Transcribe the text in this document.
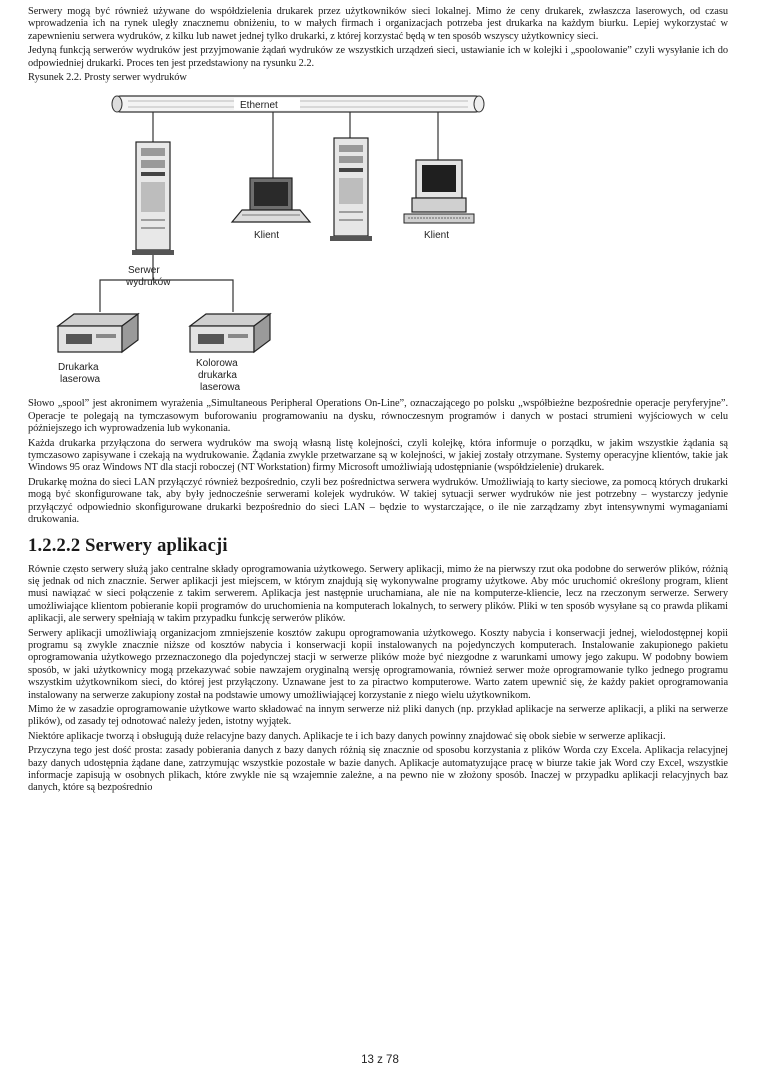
Serwery mogą być również używane do współdzielenia drukarek przez użytkowników sieci lokalnej. Mimo że ceny drukarek, zwłaszcza laserowych, od czasu wprowadzenia ich na rynek uległy znacznemu obniżeniu, to w małych firmach i organizacjach potrzeba jest drukarka na każdym biurku. Lepiej wykorzystać w zapewnieniu serwera wydruków, z kilku lub nawet jednej tylko drukarki, z której korzystać będą w ten sposób wszyscy użytkownicy sieci.

Jedyną funkcją serwerów wydruków jest przyjmowanie żądań wydruków ze wszystkich urządzeń sieci, ustawianie ich w kolejki i „spoolowanie” czyli wysyłanie ich do odpowiedniej drukarki. Proces ten jest przedstawiony na rysunku 2.2.

Rysunek 2.2. Prosty serwer wydruków

Ethernet
Serwer
wydruków
Klient	Klient
Drukarka
laserowa
Kolorowa
drukarka
laserowa

Słowo „spool” jest akronimem wyrażenia „Simultaneous Peripheral Operations On-Line”, oznaczającego po polsku „współbieżne bezpośrednie operacje peryferyjne”. Operacje te polegają na tymczasowym buforowaniu programowaniu na dysku, równoczesnym programów i danych w postaci strumieni wyjściowych w celu późniejszego ich wyprowadzenia lub wykonania.

Każda drukarka przyłączona do serwera wydruków ma swoją własną listę kolejności, czyli kolejkę, która informuje o porządku, w jakim wszystkie żądania są tymczasowo zapisywane i czekają na wydrukowanie. Żądania zwykle przetwarzane są w kolejności, w jakiej zostały otrzymane. Systemy operacyjne klientów, takie jak Windows 95 oraz Windows NT dla stacji roboczej (NT Workstation) firmy Microsoft umożliwiają udostępnianie (współdzielenie) drukarek.

Drukarkę można do sieci LAN przyłączyć również bezpośrednio, czyli bez pośrednictwa serwera wydruków. Umożliwiają to karty sieciowe, za pomocą których drukarki mogą być skonfigurowane tak, aby były jednocześnie serwerami kolejek wydruków. W takiej sytuacji serwer wydruków nie jest potrzebny – wystarczy jedynie przyłączyć odpowiednio skonfigurowane drukarki bezpośrednio do sieci LAN – będzie to wystarczające, o ile nie zarządzamy zbyt intensywnymi wymaganiami drukowania.

1.2.2.2 Serwery aplikacji

Równie często serwery służą jako centralne składy oprogramowania użytkowego. Serwery aplikacji, mimo że na pierwszy rzut oka podobne do serwerów plików, różnią się jednak od nich znacznie. Serwer aplikacji jest miejscem, w którym znajdują się wykonywalne programy użytkowe. Aby móc uruchomić określony program, klient musi nawiązać w sieci połączenie z takim serwerem. Aplikacja jest następnie uruchamiana, ale nie na komputerze-kliencie, lecz na rzeczonym serwerze. Serwery umożliwiające klientom pobieranie kopii programów do uruchomienia na komputerach lokalnych, to serwery plików. Pliki w ten sposób wysyłane są co prawda plikami aplikacji, ale serwery spełniają w takim przypadku funkcję serwerów plików.

Serwery aplikacji umożliwiają organizacjom zmniejszenie kosztów zakupu oprogramowania użytkowego. Koszty nabycia i konserwacji jednej, wielodostępnej kopii programu są zwykle znacznie niższe od kosztów nabycia i konserwacji kopii instalowanych na pojedynczych komputerach. Instalowanie zakupionego pakietu oprogramowania użytkowego przeznaczonego dla pojedynczej stacji w serwerze plików może być niezgodne z warunkami umowy jego zakupu. W podobny bowiem sposób, w jaki użytkownicy mogą przekazywać sobie nawzajem oryginalną wersję oprogramowania, również serwer może oprogramowanie tylko jednego programu wszystkim użytkownikom sieci, do której jest przyłączony. Uznawane jest to za piractwo komputerowe. Warto zatem upewnić się, że każdy pakiet oprogramowania instalowany na serwerze zakupiony został na podstawie umowy umożliwiającej korzystanie z niego wielu użytkownikom.

Mimo że w zasadzie oprogramowanie użytkowe warto składować na innym serwerze niż pliki danych (np. przykład aplikacje na serwerze aplikacji, a pliki na serwerze plików), od zasady tej odnotować należy jeden, istotny wyjątek.

Niektóre aplikacje tworzą i obsługują duże relacyjne bazy danych. Aplikacje te i ich bazy danych powinny znajdować się obok siebie w serwerze aplikacji.

Przyczyna tego jest dość prosta: zasady pobierania danych z bazy danych różnią się znacznie od sposobu korzystania z plików Worda czy Excela. Aplikacja relacyjnej bazy danych udostępnia żądane dane, zatrzymując wszystkie pozostałe w bazie danych. Aplikacje automatyzujące pracę w biurze takie jak Word czy Excel, wszystkie informacje zapisują w osobnych plikach, które zwykle nie są wzajemnie zależne, a na pewno nie w złożony sposób. Inaczej w przypadku aplikacji relacyjnych baz danych, które są bezpośrednio

13 z 78
